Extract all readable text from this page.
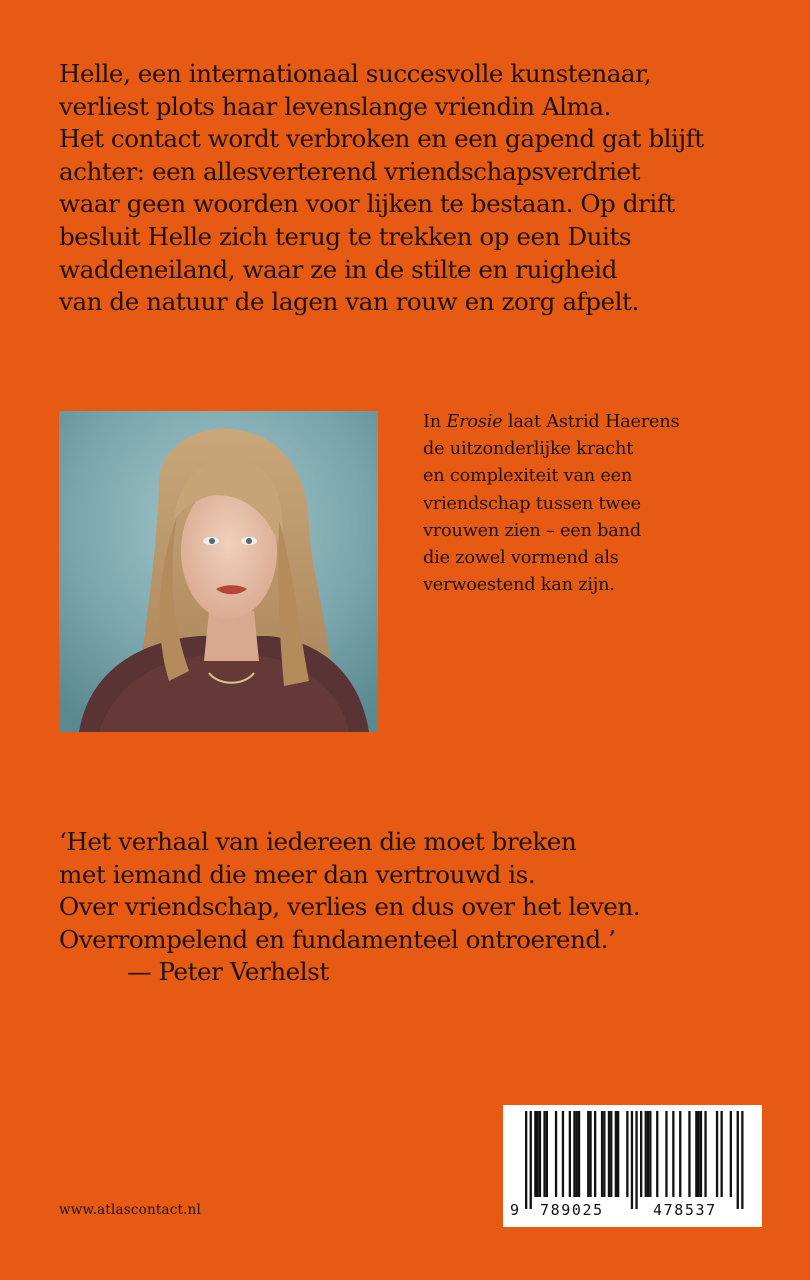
Helle, een internationaal succesvolle kunstenaar,
verliest plots haar levenslange vriendin Alma.
Het contact wordt verbroken en een gapend gat blijft
achter: een allesverterend vriendschapsverdriet
waar geen woorden voor lijken te bestaan. Op drift
besluit Helle zich terug te trekken op een Duits
waddeneiland, waar ze in de stilte en ruigheid
van de natuur de lagen van rouw en zorg afpelt.
In Erosie laat Astrid Haerens
de uitzonderlijke kracht
en complexiteit van een
vriendschap tussen twee
vrouwen zien – een band
die zowel vormend als
verwoestend kan zijn.
‘Het verhaal van iedereen die moet breken
met iemand die meer dan vertrouwd is.
Over vriendschap, verlies en dus over het leven.
Overrompelend en fundamenteel ontroerend.’
— Peter Verhelst
www.atlascontact.nl	9 789025	478537
